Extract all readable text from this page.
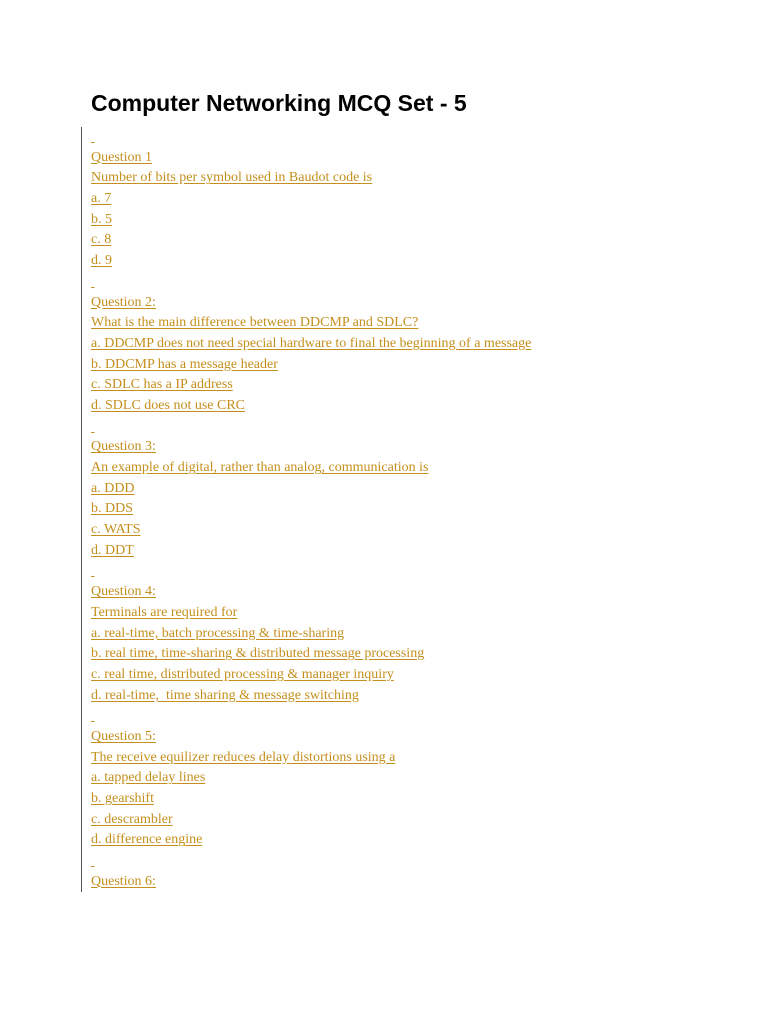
Computer Networking MCQ Set - 5

Question 1
Number of bits per symbol used in Baudot code is
a. 7
b. 5
c. 8
d. 9

Question 2:
What is the main difference between DDCMP and SDLC?
a. DDCMP does not need special hardware to final the beginning of a message
b. DDCMP has a message header
c. SDLC has a IP address
d. SDLC does not use CRC

Question 3:
An example of digital, rather than analog, communication is
a. DDD
b. DDS
c. WATS
d. DDT

Question 4:
Terminals are required for
a. real-time, batch processing & time-sharing
b. real time, time-sharing & distributed message processing
c. real time, distributed processing & manager inquiry
d. real-time,  time sharing & message switching

Question 5:
The receive equilizer reduces delay distortions using a
a. tapped delay lines
b. gearshift
c. descrambler
d. difference engine

Question 6:
